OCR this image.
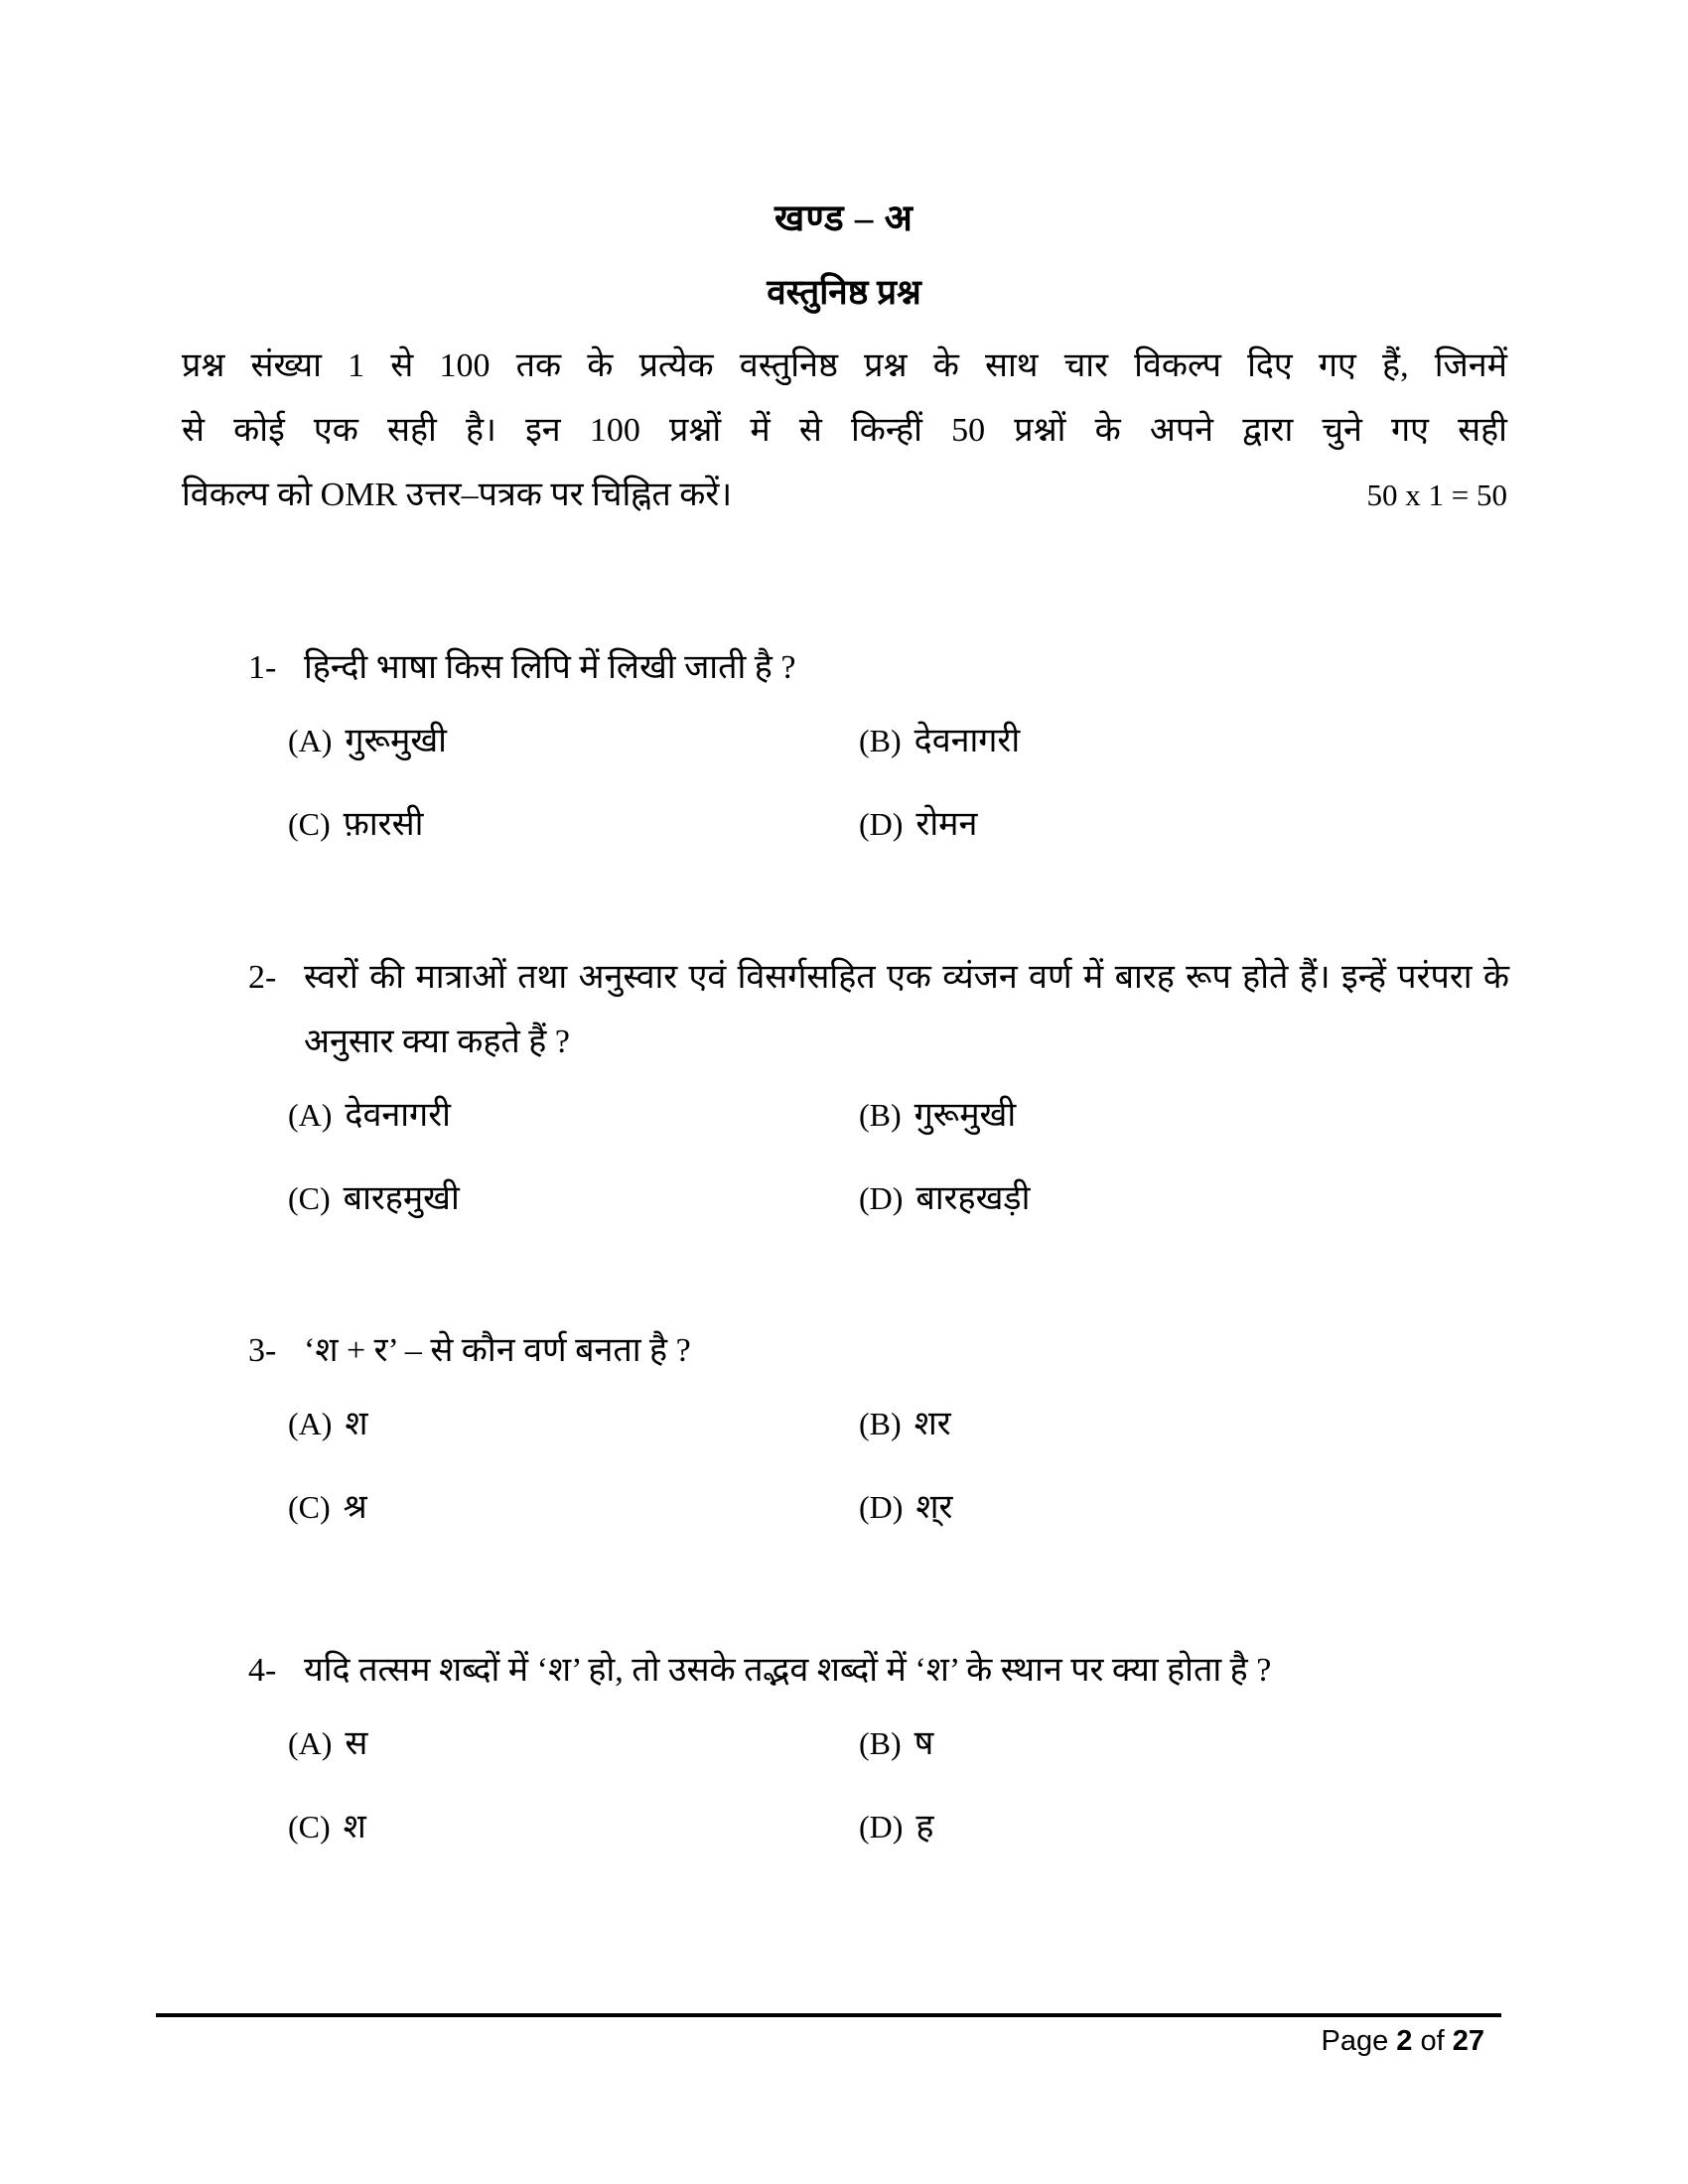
खण्ड – अ
वस्तुनिष्ठ प्रश्न
प्रश्न संख्या 1 से 100 तक के प्रत्येक वस्तुनिष्ठ प्रश्न के साथ चार विकल्प दिए गए हैं, जिनमें
से कोई एक सही है। इन 100 प्रश्नों में से किन्हीं 50 प्रश्नों के अपने द्वारा चुने गए सही
विकल्प को OMR उत्तर–पत्रक पर चिह्नित करें।	50 x 1 = 50
1- हिन्दी भाषा किस लिपि में लिखी जाती है ?
(A) गुरूमुखी	(B) देवनागरी
(C) फ़ारसी	(D) रोमन
2- स्वरों की मात्राओं तथा अनुस्वार एवं विसर्गसहित एक व्यंजन वर्ण में बारह रूप होते हैं। इन्हें परंपरा के अनुसार क्या कहते हैं ?
(A) देवनागरी	(B) गुरूमुखी
(C) बारहमुखी	(D) बारहखड़ी
3- ‘श + र’ – से कौन वर्ण बनता है ?
(A) श	(B) शर
(C) श्र	(D) श्‌र
4- यदि तत्सम शब्दों में ‘श’ हो, तो उसके तद्भव शब्दों में ‘श’ के स्थान पर क्या होता है ?
(A) स	(B) ष
(C) श	(D) ह
Page 2 of 27
